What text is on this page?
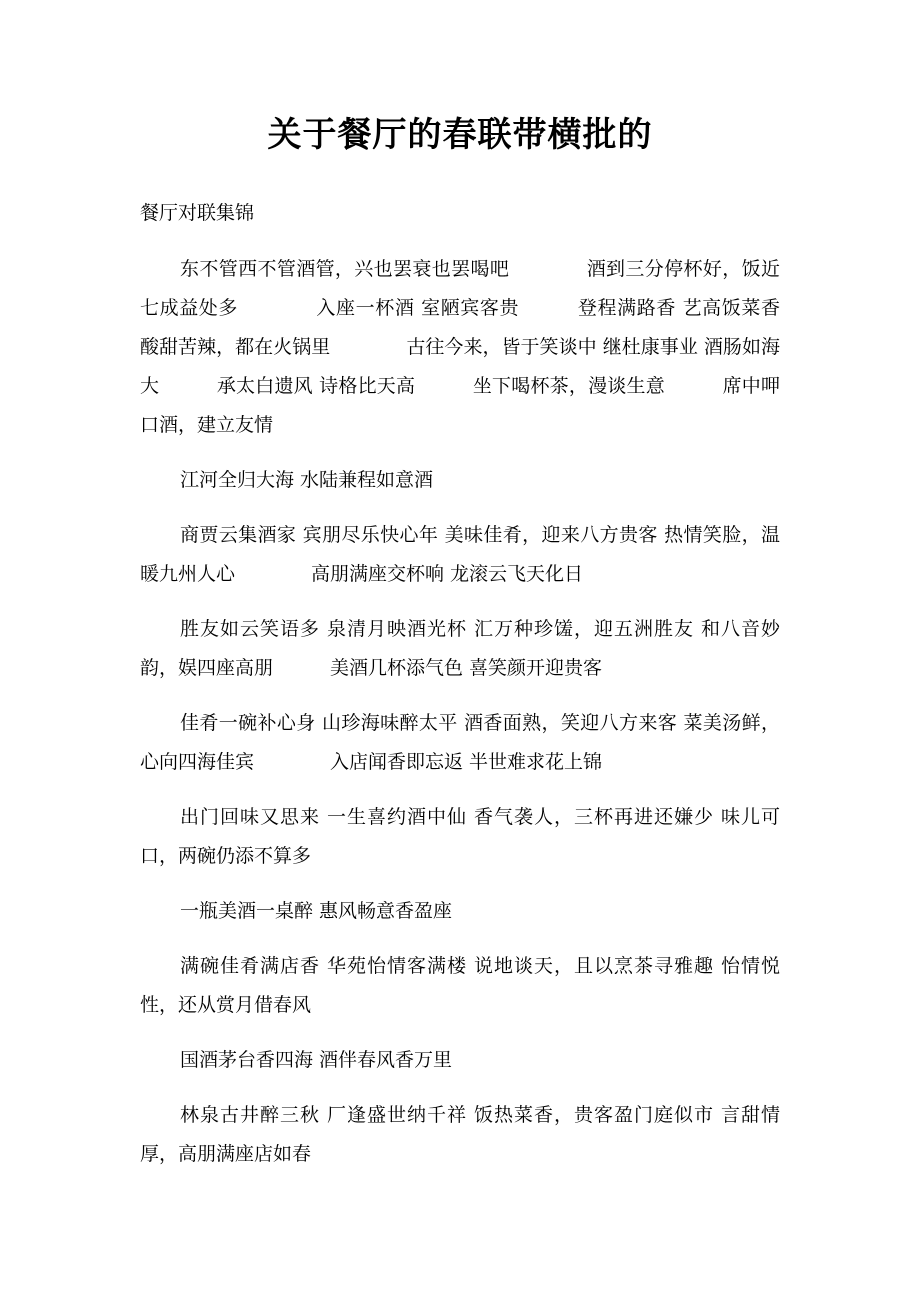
关于餐厅的春联带横批的
餐厅对联集锦

东不管西不管酒管，兴也罢衰也罢喝吧　　　　酒到三分停杯好，饭近七成益处多　　　　入座一杯酒 室陋宾客贵　　　登程满路香 艺高饭菜香　　　　酸甜苦辣，都在火锅里　　　　古往今来，皆于笑谈中 继杜康事业 酒肠如海大　　　承太白遗风 诗格比天高　　　坐下喝杯茶，漫谈生意　　　席中呷口酒，建立友情

江河全归大海 水陆兼程如意酒

商贾云集酒家 宾朋尽乐快心年 美味佳肴，迎来八方贵客 热情笑脸，温暖九州人心　　　　高朋满座交杯响 龙滚云飞天化日

胜友如云笑语多 泉清月映酒光杯 汇万种珍馐，迎五洲胜友 和八音妙韵，娱四座高朋　　　美酒几杯添气色 喜笑颜开迎贵客

佳肴一碗补心身 山珍海味醉太平 酒香面熟，笑迎八方来客 菜美汤鲜，心向四海佳宾　　　　入店闻香即忘返 半世难求花上锦

出门回味又思来 一生喜约酒中仙 香气袭人，三杯再进还嫌少 味儿可口，两碗仍添不算多

一瓶美酒一桌醉 惠风畅意香盈座

满碗佳肴满店香 华苑怡情客满楼 说地谈天，且以烹茶寻雅趣 怡情悦性，还从赏月借春风

国酒茅台香四海 酒伴春风香万里

林泉古井醉三秋 厂逢盛世纳千祥 饭热菜香，贵客盈门庭似市 言甜情厚，高朋满座店如春
